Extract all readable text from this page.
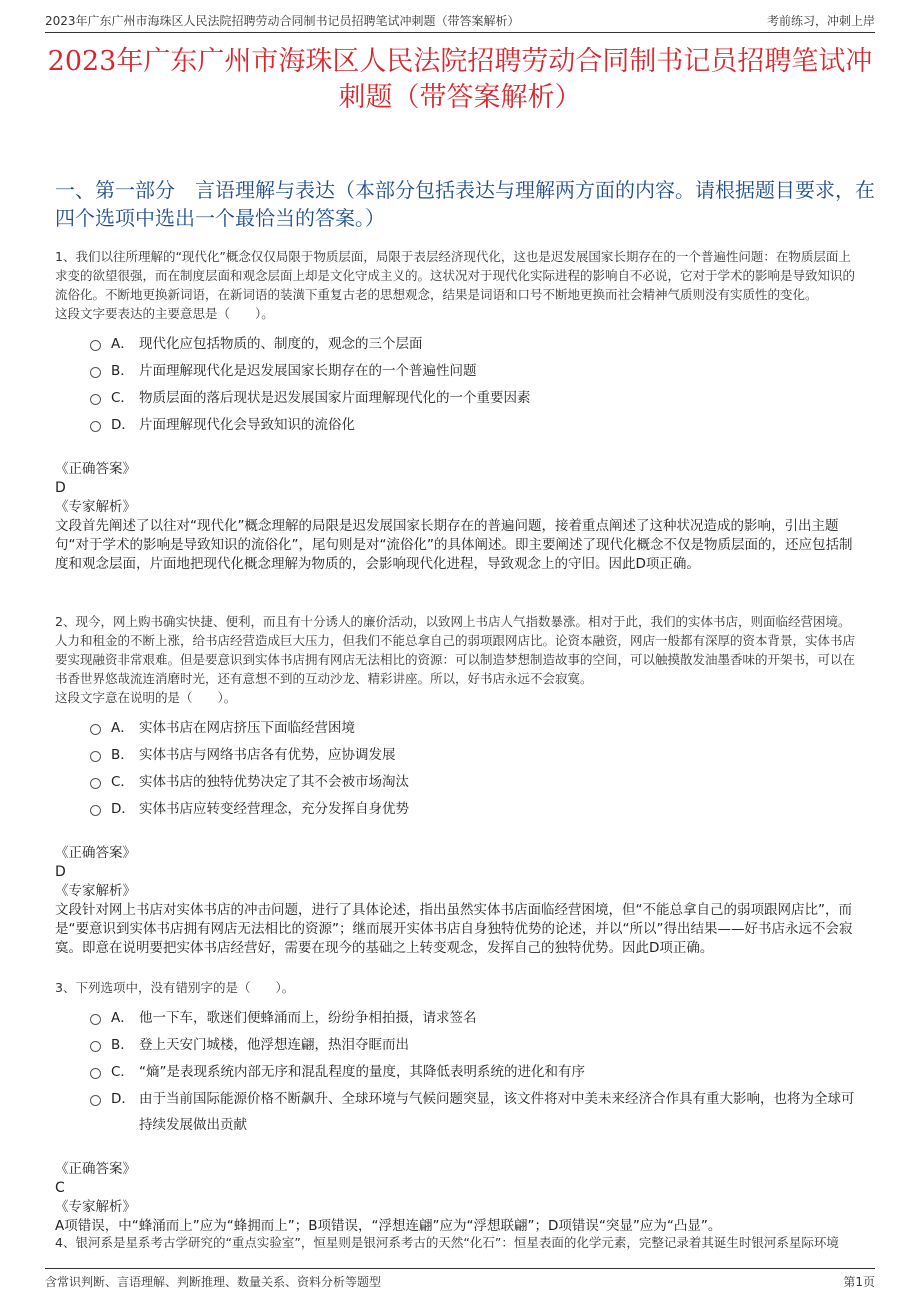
2023年广东广州市海珠区人民法院招聘劳动合同制书记员招聘笔试冲刺题（带答案解析）	考前练习，冲刺上岸
2023年广东广州市海珠区人民法院招聘劳动合同制书记员招聘笔试冲刺题（带答案解析）
一、第一部分　言语理解与表达（本部分包括表达与理解两方面的内容。请根据题目要求，在四个选项中选出一个最恰当的答案。）

1、我们以往所理解的“现代化”概念仅仅局限于物质层面，局限于表层经济现代化，这也是迟发展国家长期存在的一个普遍性问题：在物质层面上求变的欲望很强，而在制度层面和观念层面上却是文化守成主义的。这状况对于现代化实际进程的影响自不必说，它对于学术的影响是导致知识的流俗化。不断地更换新词语，在新词语的装潢下重复古老的思想观念，结果是词语和口号不断地更换而社会精神气质则没有实质性的变化。

这段文字要表达的主要意思是（　　）。

A． 现代化应包括物质的、制度的，观念的三个层面
B． 片面理解现代化是迟发展国家长期存在的一个普遍性问题
C． 物质层面的落后现状是迟发展国家片面理解现代化的一个重要因素
D． 片面理解现代化会导致知识的流俗化
《正确答案》
D
《专家解析》
文段首先阐述了以往对“现代化”概念理解的局限是迟发展国家长期存在的普遍问题，接着重点阐述了这种状况造成的影响，引出主题句“对于学术的影响是导致知识的流俗化”，尾句则是对“流俗化”的具体阐述。即主要阐述了现代化概念不仅是物质层面的，还应包括制度和观念层面，片面地把现代化概念理解为物质的，会影响现代化进程，导致观念上的守旧。因此D项正确。

2、现今，网上购书确实快捷、便利，而且有十分诱人的廉价活动，以致网上书店人气指数暴涨。相对于此，我们的实体书店，则面临经营困境。人力和租金的不断上涨，给书店经营造成巨大压力，但我们不能总拿自己的弱项跟网店比。论资本融资，网店一般都有深厚的资本背景，实体书店要实现融资非常艰难。但是要意识到实体书店拥有网店无法相比的资源：可以制造梦想制造故事的空间，可以触摸散发油墨香味的开架书，可以在书香世界悠哉流连消磨时光，还有意想不到的互动沙龙、精彩讲座。所以，好书店永远不会寂寞。

这段文字意在说明的是（　　）。

A． 实体书店在网店挤压下面临经营困境
B． 实体书店与网络书店各有优势，应协调发展
C． 实体书店的独特优势决定了其不会被市场淘汰
D． 实体书店应转变经营理念，充分发挥自身优势
《正确答案》
D
《专家解析》
文段针对网上书店对实体书店的冲击问题，进行了具体论述，指出虽然实体书店面临经营困境，但“不能总拿自己的弱项跟网店比”，而是“要意识到实体书店拥有网店无法相比的资源”；继而展开实体书店自身独特优势的论述，并以“所以”得出结果——好书店永远不会寂寞。即意在说明要把实体书店经营好，需要在现今的基础之上转变观念，发挥自己的独特优势。因此D项正确。

3、下列选项中，没有错别字的是（　　）。

A． 他一下车，歌迷们便蜂涌而上，纷纷争相拍摄，请求签名
B． 登上天安门城楼，他浮想连翩，热泪夺眶而出
C． “熵”是表现系统内部无序和混乱程度的量度，其降低表明系统的进化和有序
D． 由于当前国际能源价格不断飙升、全球环境与气候问题突显，该文件将对中美未来经济合作具有重大影响，也将为全球可持续发展做出贡献
《正确答案》
C
《专家解析》
A项错误，中“蜂涌而上”应为“蜂拥而上”；B项错误，“浮想连翩”应为“浮想联翩”；D项错误“突显”应为“凸显”。

4、银河系是星系考古学研究的“重点实验室”，恒星则是银河系考古的天然“化石”：恒星表面的化学元素，完整记录着其诞生时银河系星际环境

含常识判断、言语理解、判断推理、数量关系、资料分析等题型	第1页
